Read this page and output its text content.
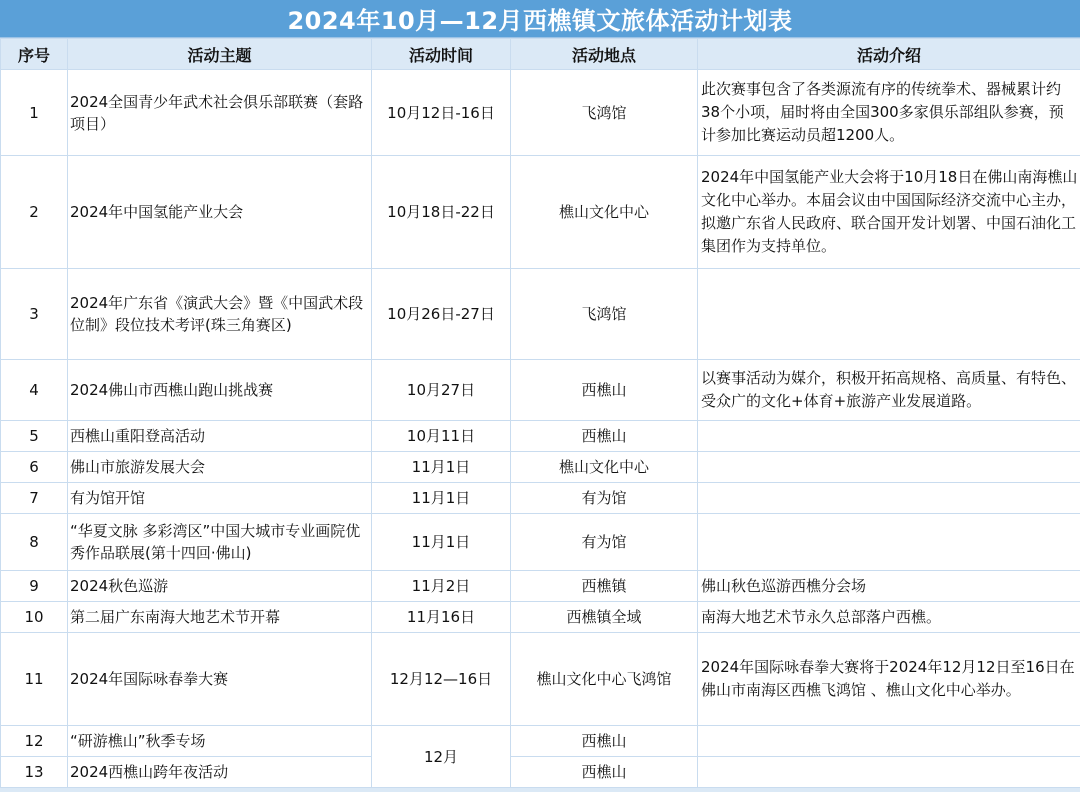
2024年10月—12月西樵镇文旅体活动计划表
序号	活动主题	活动时间	活动地点	活动介绍
1	2024全国青少年武术社会俱乐部联赛（套路项目）	10月12日-16日	飞鸿馆	此次赛事包含了各类源流有序的传统拳术、器械累计约38个小项，届时将由全国300多家俱乐部组队参赛，预计参加比赛运动员超1200人。
2	2024年中国氢能产业大会	10月18日-22日	樵山文化中心	2024年中国氢能产业大会将于10月18日在佛山南海樵山文化中心举办。本届会议由中国国际经济交流中心主办，拟邀广东省人民政府、联合国开发计划署、中国石油化工集团作为支持单位。
3	2024年广东省《演武大会》暨《中国武术段位制》段位技术考评(珠三角赛区)	10月26日-27日	飞鸿馆	
4	2024佛山市西樵山跑山挑战赛	10月27日	西樵山	以赛事活动为媒介，积极开拓高规格、高质量、有特色、受众广的文化+体育+旅游产业发展道路。
5	西樵山重阳登高活动	10月11日	西樵山	
6	佛山市旅游发展大会	11月1日	樵山文化中心	
7	有为馆开馆	11月1日	有为馆	
8	“华夏文脉 多彩湾区”中国大城市专业画院优秀作品联展(第十四回·佛山)	11月1日	有为馆	
9	2024秋色巡游	11月2日	西樵镇	佛山秋色巡游西樵分会场
10	第二届广东南海大地艺术节开幕	11月16日	西樵镇全域	南海大地艺术节永久总部落户西樵。
11	2024年国际咏春拳大赛	12月12—16日	樵山文化中心飞鸿馆	2024年国际咏春拳大赛将于2024年12月12日至16日在佛山市南海区西樵飞鸿馆 、樵山文化中心举办。
12	“研游樵山”秋季专场	12月	西樵山	
13	2024西樵山跨年夜活动		西樵山	
